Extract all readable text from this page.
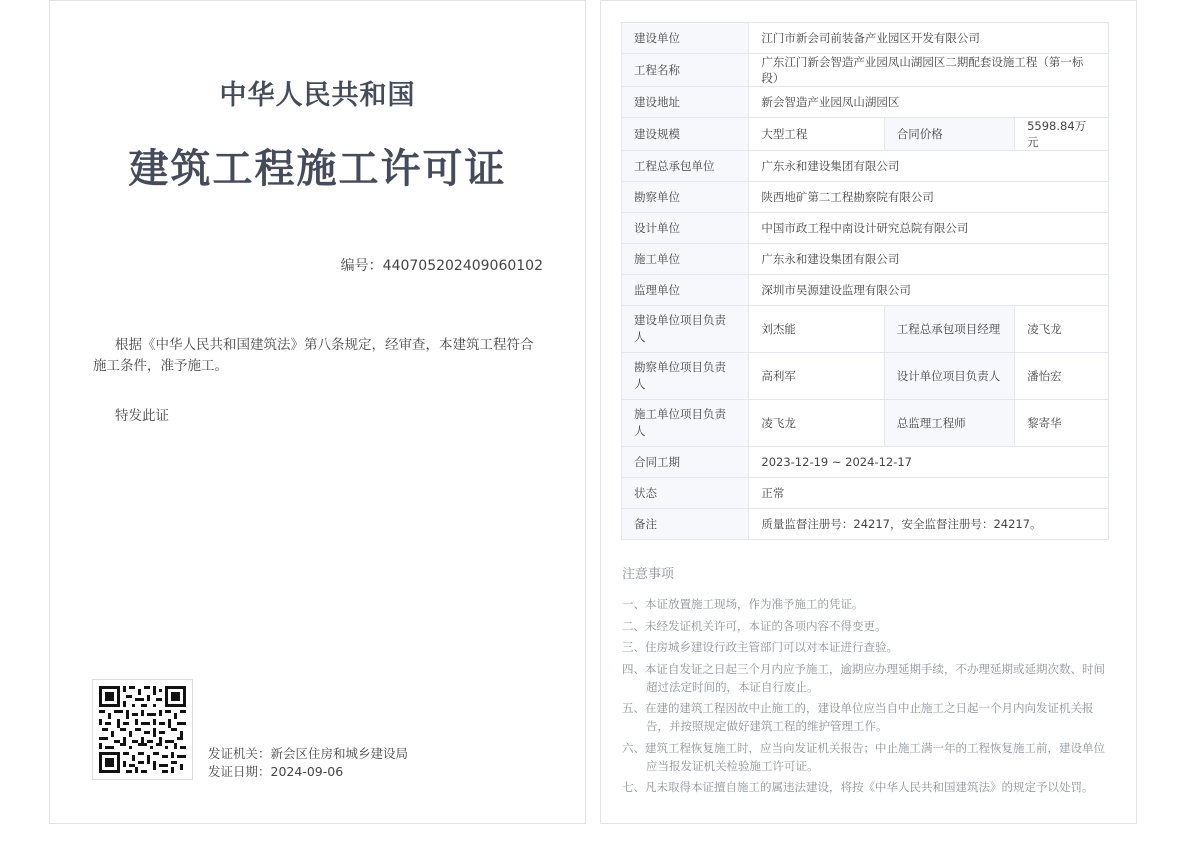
中华人民共和国
建筑工程施工许可证
编号：440705202409060102
根据《中华人民共和国建筑法》第八条规定，经审查，本建筑工程符合施工条件，准予施工。
特发此证
发证机关：新会区住房和城乡建设局
发证日期：2024-09-06
建设单位	江门市新会司前装备产业园区开发有限公司		
工程名称	广东江门新会智造产业园凤山湖园区二期配套设施工程（第一标段）		
建设地址	新会智造产业园凤山湖园区		
建设规模	大型工程	合同价格	5598.84万元
工程总承包单位	广东永和建设集团有限公司		
勘察单位	陕西地矿第二工程勘察院有限公司		
设计单位	中国市政工程中南设计研究总院有限公司		
施工单位	广东永和建设集团有限公司		
监理单位	深圳市昊源建设监理有限公司		
建设单位项目负责人	刘杰能	工程总承包项目经理	凌飞龙
勘察单位项目负责人	高利军	设计单位项目负责人	潘怡宏
施工单位项目负责人	凌飞龙	总监理工程师	黎寄华
合同工期	2023-12-19 ~ 2024-12-17		
状态	正常		
备注	质量监督注册号：24217，安全监督注册号：24217。		
注意事项
一、本证放置施工现场，作为准予施工的凭证。
二、未经发证机关许可，本证的各项内容不得变更。
三、住房城乡建设行政主管部门可以对本证进行查验。
四、本证自发证之日起三个月内应予施工，逾期应办理延期手续，不办理延期或延期次数、时间超过法定时间的，本证自行废止。
五、在建的建筑工程因故中止施工的，建设单位应当自中止施工之日起一个月内向发证机关报告，并按照规定做好建筑工程的维护管理工作。
六、建筑工程恢复施工时，应当向发证机关报告；中止施工满一年的工程恢复施工前，建设单位应当报发证机关检验施工许可证。
七、凡未取得本证擅自施工的属违法建设，将按《中华人民共和国建筑法》的规定予以处罚。
